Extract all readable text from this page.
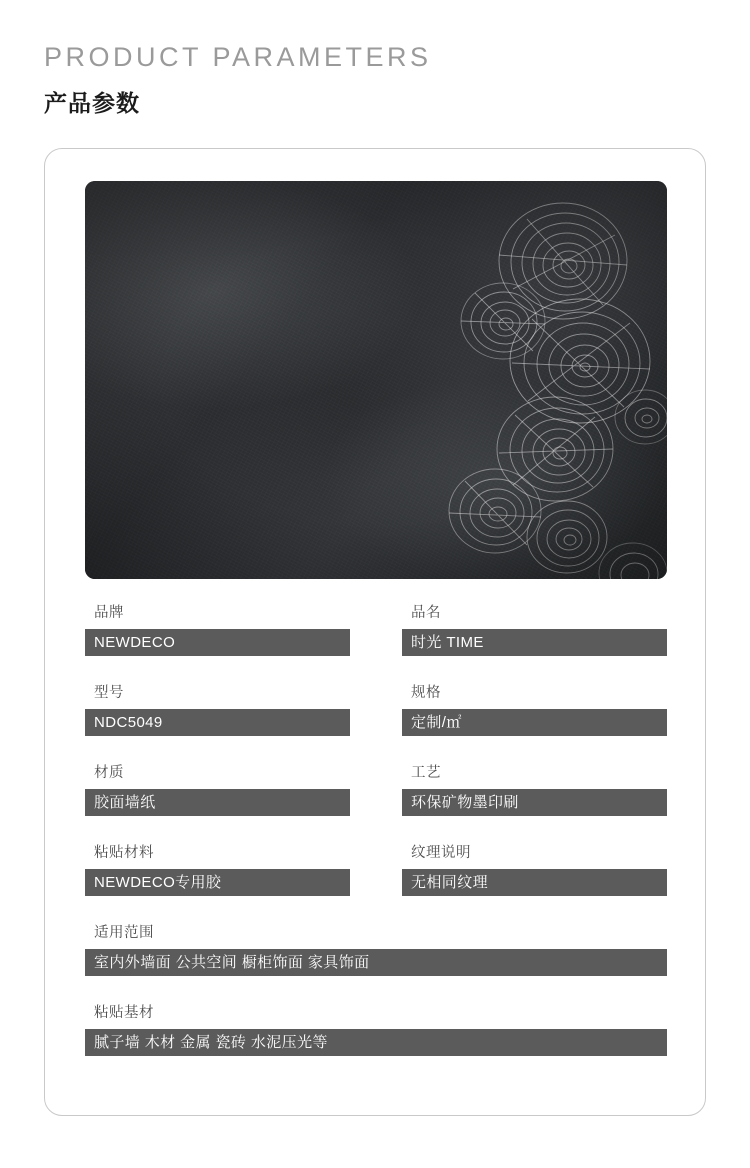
PRODUCT PARAMETERS
产品参数
品牌
NEWDECO
品名
时光 TIME
型号
NDC5049
规格
定制/㎡
材质
胶面墙纸
工艺
环保矿物墨印刷
粘贴材料
NEWDECO专用胶
纹理说明
无相同纹理
适用范围
室内外墙面 公共空间 橱柜饰面 家具饰面
粘贴基材
腻子墙 木材 金属 瓷砖 水泥压光等
